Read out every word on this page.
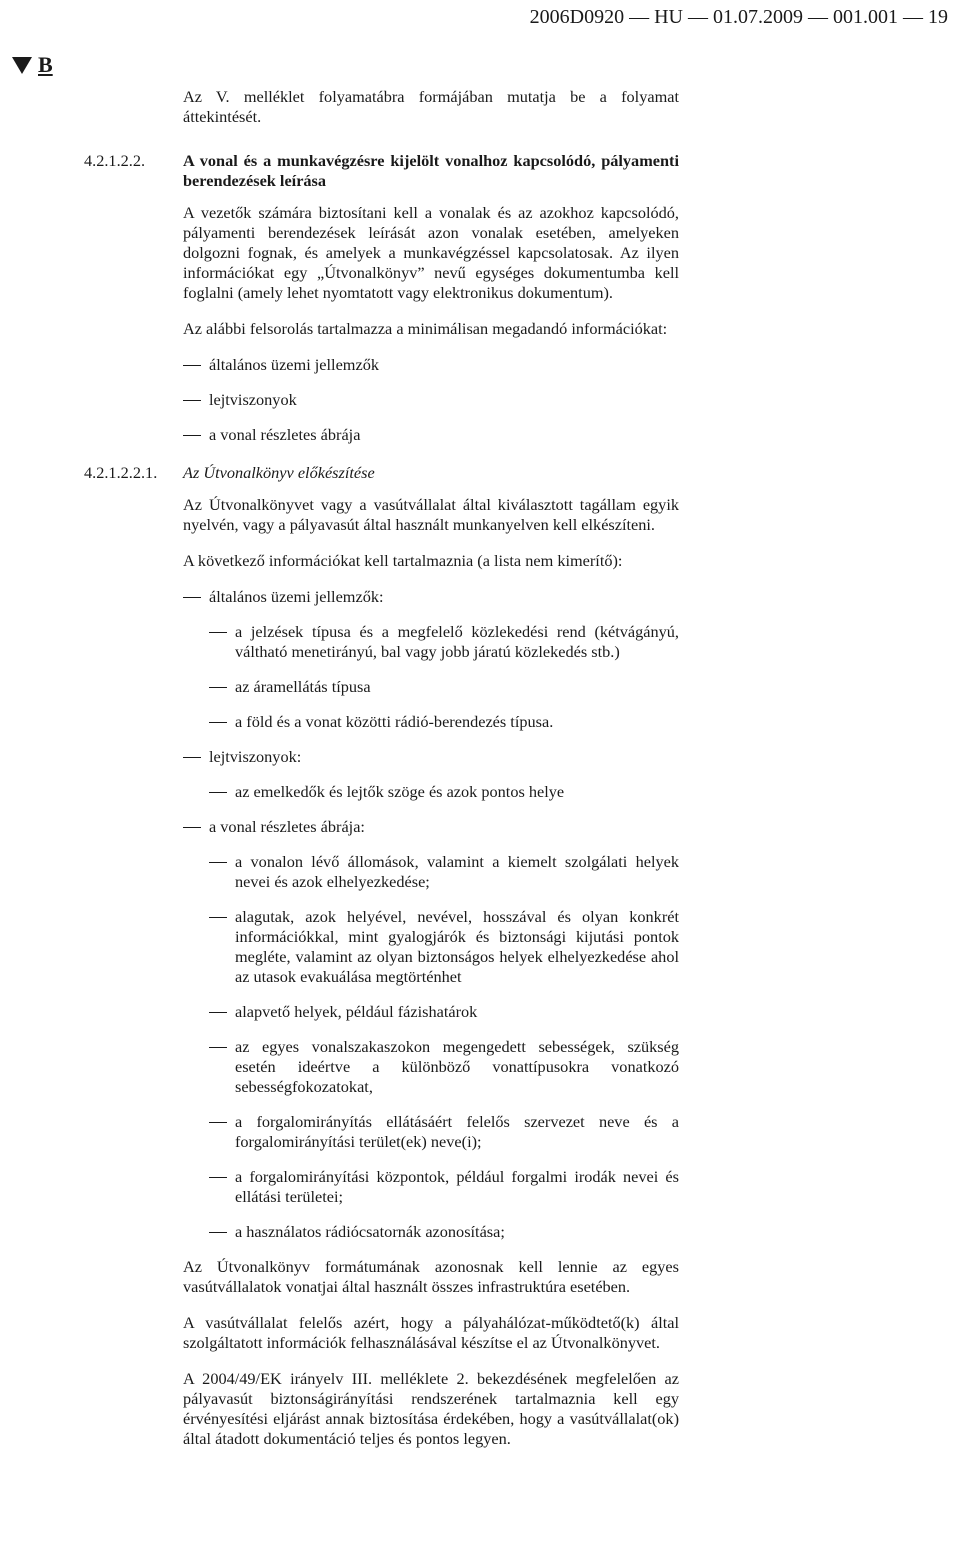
2006D0920 — HU — 01.07.2009 — 001.001 — 19
B

Az V. melléklet folyamatábra formájában mutatja be a folyamat áttekintését.

4.2.1.2.2. A vonal és a munkavégzésre kijelölt vonalhoz kapcsolódó, pályamenti berendezések leírása

A vezetők számára biztosítani kell a vonalak és az azokhoz kapcsolódó, pályamenti berendezések leírását azon vonalak esetében, amelyeken dolgozni fognak, és amelyek a munkavégzéssel kapcsolatosak. Az ilyen információkat egy „Útvonalkönyv” nevű egységes dokumentumba kell foglalni (amely lehet nyomtatott vagy elektronikus dokumentum).

Az alábbi felsorolás tartalmazza a minimálisan megadandó információkat:

általános üzemi jellemzők
lejtviszonyok
a vonal részletes ábrája
4.2.1.2.2.1. Az Útvonalkönyv előkészítése

Az Útvonalkönyvet vagy a vasútvállalat által kiválasztott tagállam egyik nyelvén, vagy a pályavasút által használt munkanyelven kell elkészíteni.

A következő információkat kell tartalmaznia (a lista nem kimerítő):

általános üzemi jellemzők:
a jelzések típusa és a megfelelő közlekedési rend (kétvágányú, váltható menetirányú, bal vagy jobb járatú közlekedés stb.)
az áramellátás típusa
a föld és a vonat közötti rádió-berendezés típusa.
lejtviszonyok:
az emelkedők és lejtők szöge és azok pontos helye
a vonal részletes ábrája:
a vonalon lévő állomások, valamint a kiemelt szolgálati helyek nevei és azok elhelyezkedése;
alagutak, azok helyével, nevével, hosszával és olyan konkrét információkkal, mint gyalogjárók és biztonsági kijutási pontok megléte, valamint az olyan biztonságos helyek elhelyezkedése ahol az utasok evakuálása megtörténhet
alapvető helyek, például fázishatárok
az egyes vonalszakaszokon megengedett sebességek, szükség esetén ideértve a különböző vonattípusokra vonatkozó sebességfokozatokat,
a forgalomirányítás ellátásáért felelős szervezet neve és a forgalomirányítási terület(ek) neve(i);
a forgalomirányítási központok, például forgalmi irodák nevei és ellátási területei;
a használatos rádiócsatornák azonosítása;

Az Útvonalkönyv formátumának azonosnak kell lennie az egyes vasútvállalatok vonatjai által használt összes infrastruktúra esetében.

A vasútvállalat felelős azért, hogy a pályahálózat-működtető(k) által szolgáltatott információk felhasználásával készítse el az Útvonalkönyvet.

A 2004/49/EK irányelv III. melléklete 2. bekezdésének megfelelően az pályavasút biztonságirányítási rendszerének tartalmaznia kell egy érvényesítési eljárást annak biztosítása érdekében, hogy a vasútvállalat(ok) által átadott dokumentáció teljes és pontos legyen.
